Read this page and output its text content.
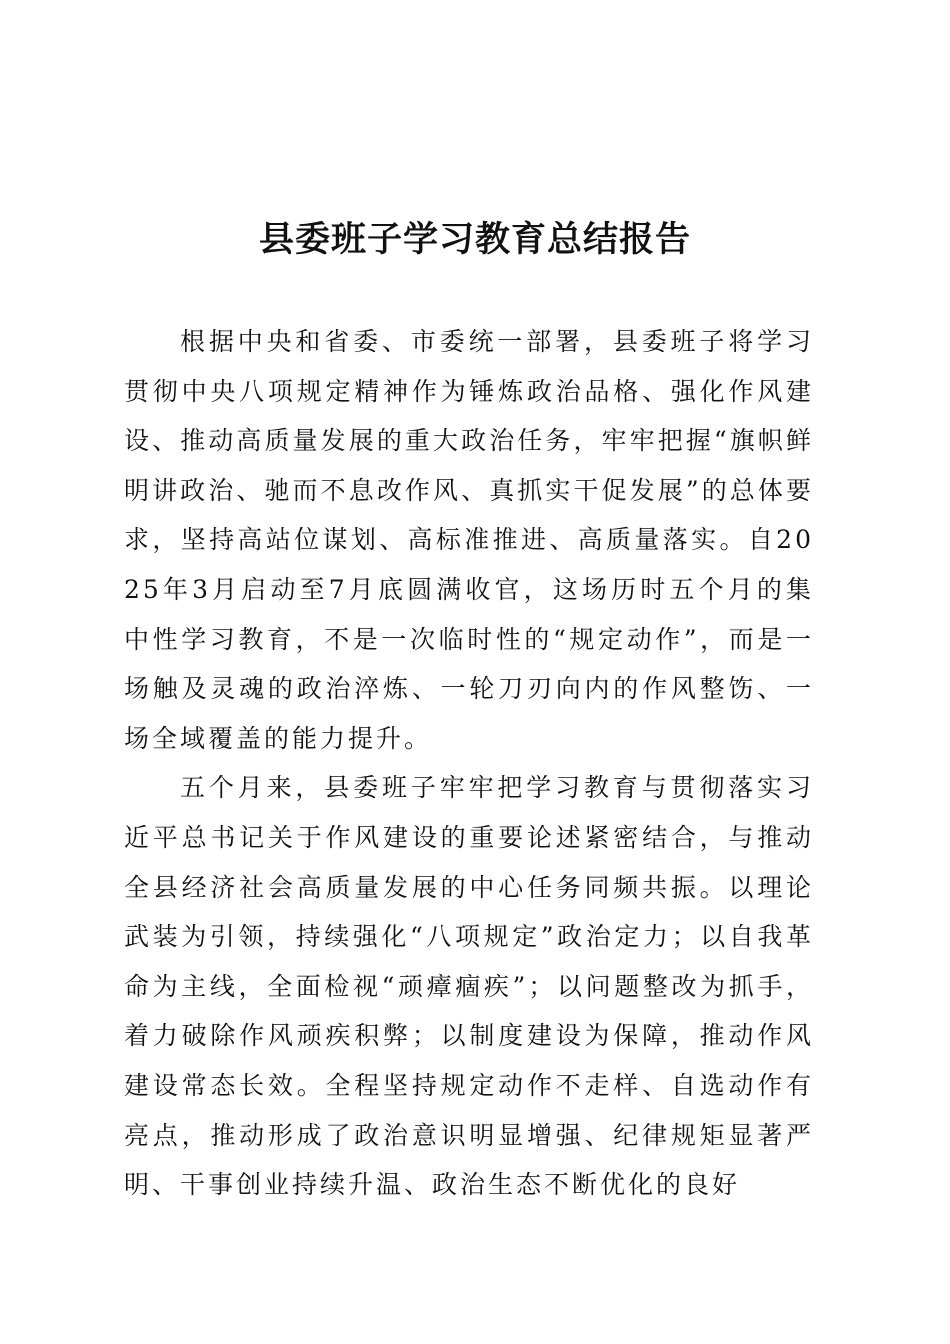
县委班子学习教育总结报告

根据中央和省委、市委统一部署，县委班子将学习贯彻中央八项规定精神作为锤炼政治品格、强化作风建设、推动高质量发展的重大政治任务，牢牢把握“旗帜鲜明讲政治、驰而不息改作风、真抓实干促发展”的总体要求，坚持高站位谋划、高标准推进、高质量落实。自2025年3月启动至7月底圆满收官，这场历时五个月的集中性学习教育，不是一次临时性的“规定动作”，而是一场触及灵魂的政治淬炼、一轮刀刃向内的作风整饬、一场全域覆盖的能力提升。

五个月来，县委班子牢牢把学习教育与贯彻落实习近平总书记关于作风建设的重要论述紧密结合，与推动全县经济社会高质量发展的中心任务同频共振。以理论武装为引领，持续强化“八项规定”政治定力；以自我革命为主线，全面检视“顽瘴痼疾”；以问题整改为抓手，着力破除作风顽疾积弊；以制度建设为保障，推动作风建设常态长效。全程坚持规定动作不走样、自选动作有亮点，推动形成了政治意识明显增强、纪律规矩显著严明、干事创业持续升温、政治生态不断优化的良好
